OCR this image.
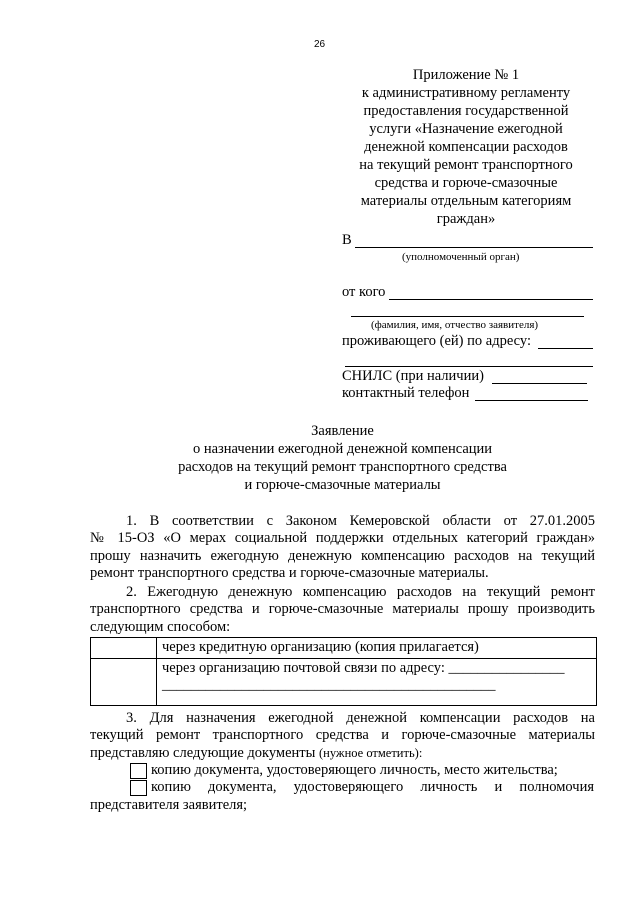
26
Приложение № 1
к административному регламенту
предоставления государственной
услуги «Назначение ежегодной
денежной компенсации расходов
на текущий ремонт транспортного
средства и горюче-смазочные
материалы отдельным категориям
граждан»
В
(уполномоченный орган)
от кого
(фамилия, имя, отчество заявителя)
проживающего (ей) по адресу:
СНИЛС (при наличии)
контактный телефон
Заявление
о назначении ежегодной денежной компенсации
расходов на текущий ремонт транспортного средства
и горюче-смазочные материалы
1. В соответствии с Законом Кемеровской области от 27.01.2005
№ 15-ОЗ «О мерах социальной поддержки отдельных категорий граждан»
прошу назначить ежегодную денежную компенсацию расходов на текущий
ремонт транспортного средства и горюче-смазочные материалы.
2. Ежегодную денежную компенсацию расходов на текущий ремонт
транспортного средства и горюче-смазочные материалы прошу производить
следующим способом:
	через кредитную организацию (копия прилагается)

	через организацию почтовой связи по адресу: ________________
______________________________________________
3. Для назначения ежегодной денежной компенсации расходов на
текущий ремонт транспортного средства и горюче-смазочные материалы
представляю следующие документы (нужное отметить):
копию документа, удостоверяющего личность, место жительства;
копию документа, удостоверяющего личность и полномочия
представителя заявителя;
